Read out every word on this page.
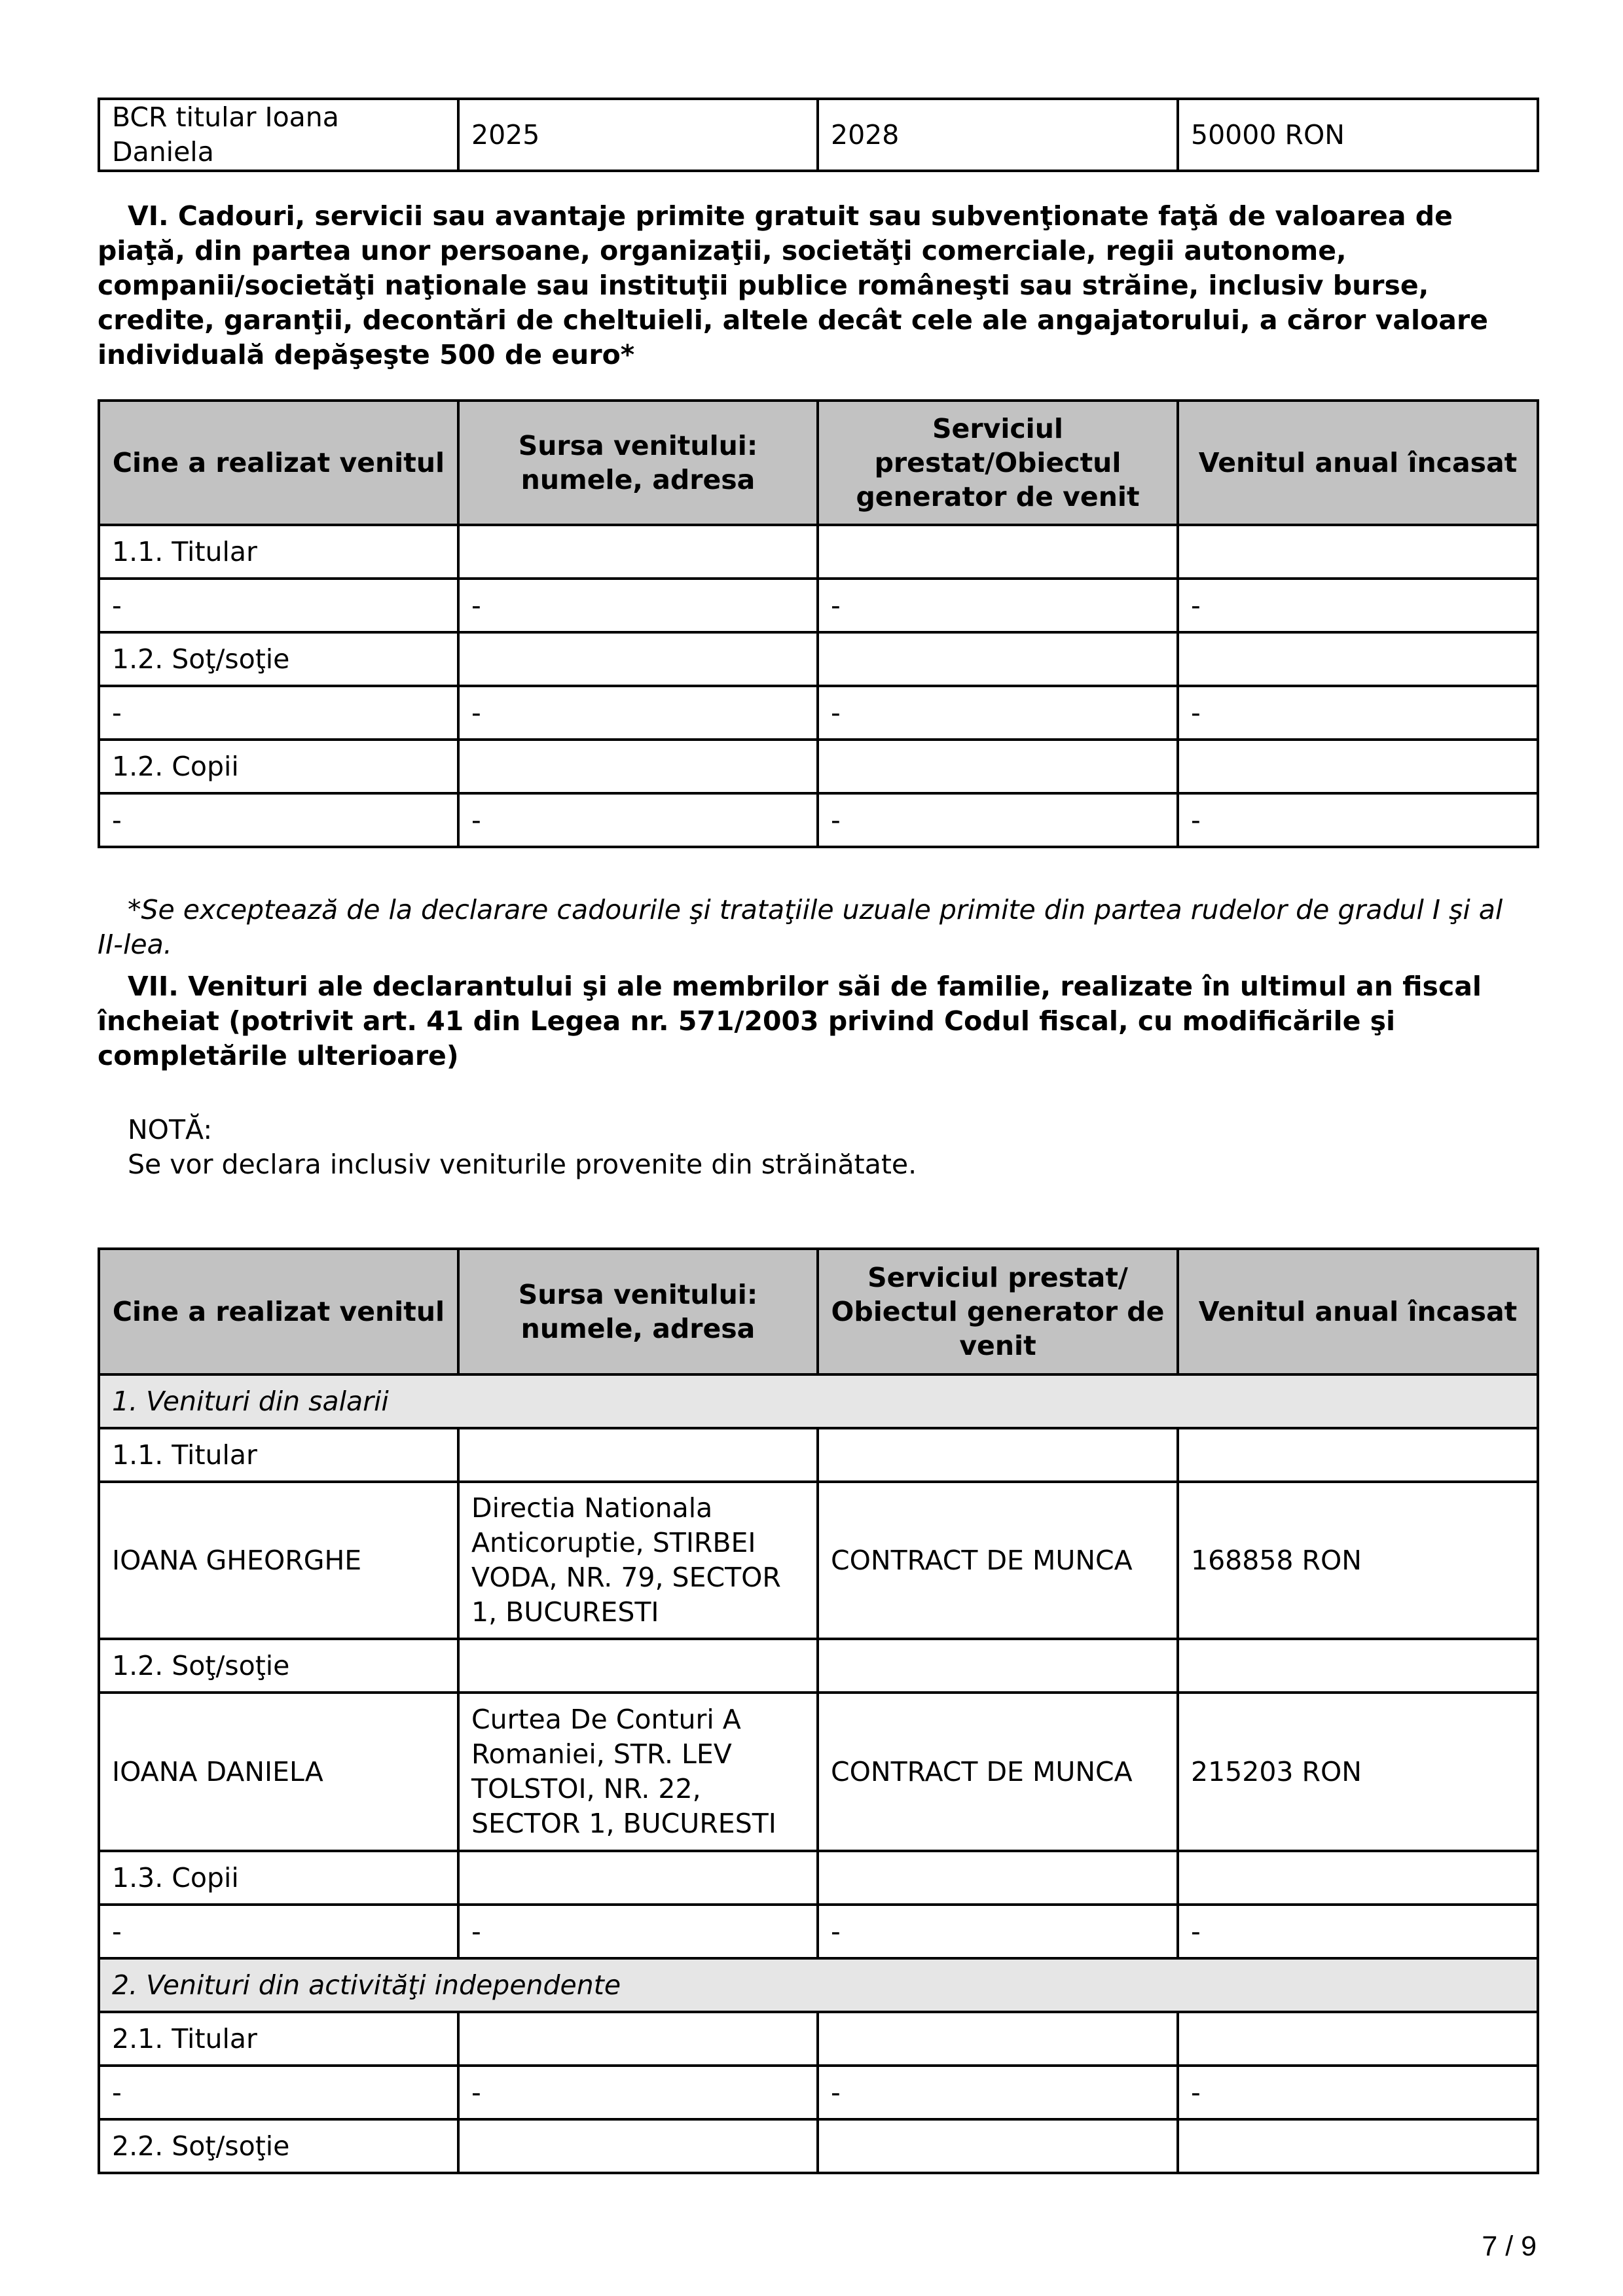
BCR titular Ioana Daniela	2025	2028	50000 RON

VI. Cadouri, servicii sau avantaje primite gratuit sau subvenţionate faţă de valoarea de piaţă, din partea unor persoane, organizaţii, societăţi comerciale, regii autonome, companii/societăţi naţionale sau instituţii publice româneşti sau străine, inclusiv burse, credite, garanţii, decontări de cheltuieli, altele decât cele ale angajatorului, a căror valoare individuală depăşeşte 500 de euro*

Cine a realizat venitul	Sursa venitului: numele, adresa	Serviciul prestat/Obiectul generator de venit	Venitul anual încasat
1.1. Titular			
-	-	-	-
1.2. Soţ/soţie			
-	-	-	-
1.2. Copii			
-	-	-	-

*Se exceptează de la declarare cadourile şi trataţiile uzuale primite din partea rudelor de gradul I şi al II-lea.

VII. Venituri ale declarantului şi ale membrilor săi de familie, realizate în ultimul an fiscal încheiat (potrivit art. 41 din Legea nr. 571/2003 privind Codul fiscal, cu modificările şi completările ulterioare)

NOTĂ:

Se vor declara inclusiv veniturile provenite din străinătate.

Cine a realizat venitul	Sursa venitului: numele, adresa	Serviciul prestat/ Obiectul generator de venit	Venitul anual încasat
1. Venituri din salarii			
1.1. Titular			
IOANA GHEORGHE	Directia Nationala Anticoruptie, STIRBEI VODA, NR. 79, SECTOR 1, BUCURESTI	CONTRACT DE MUNCA	168858 RON
1.2. Soţ/soţie			
IOANA DANIELA	Curtea De Conturi A Romaniei, STR. LEV TOLSTOI, NR. 22, SECTOR 1, BUCURESTI	CONTRACT DE MUNCA	215203 RON
1.3. Copii			
-	-	-	-
2. Venituri din activităţi independente			
2.1. Titular			
-	-	-	-
2.2. Soţ/soţie			
7 / 9
